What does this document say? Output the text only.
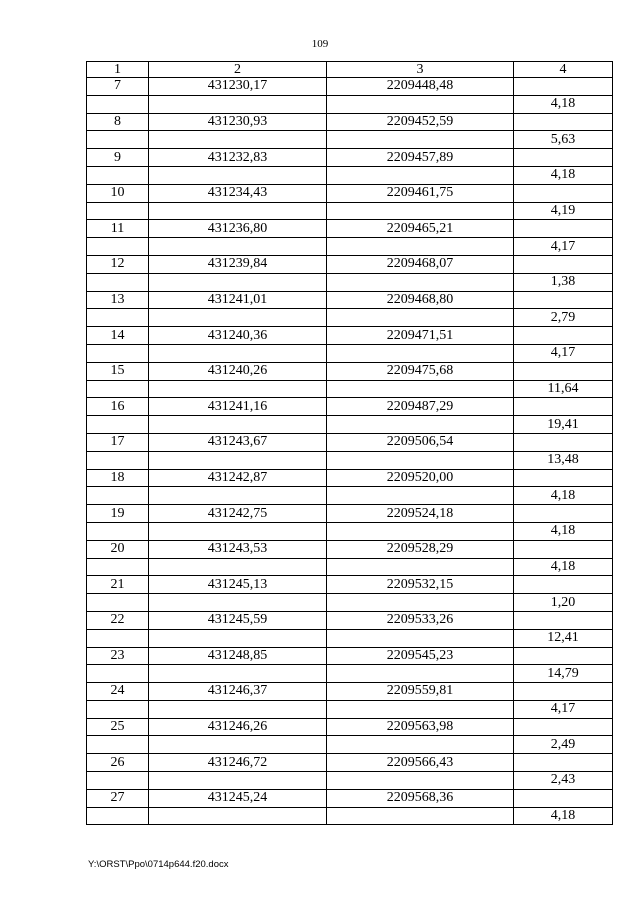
109
1	2	3	4
7	431230,17	2209448,48	
			4,18
8	431230,93	2209452,59	
			5,63
9	431232,83	2209457,89	
			4,18
10	431234,43	2209461,75	
			4,19
11	431236,80	2209465,21	
			4,17
12	431239,84	2209468,07	
			1,38
13	431241,01	2209468,80	
			2,79
14	431240,36	2209471,51	
			4,17
15	431240,26	2209475,68	
			11,64
16	431241,16	2209487,29	
			19,41
17	431243,67	2209506,54	
			13,48
18	431242,87	2209520,00	
			4,18
19	431242,75	2209524,18	
			4,18
20	431243,53	2209528,29	
			4,18
21	431245,13	2209532,15	
			1,20
22	431245,59	2209533,26	
			12,41
23	431248,85	2209545,23	
			14,79
24	431246,37	2209559,81	
			4,17
25	431246,26	2209563,98	
			2,49
26	431246,72	2209566,43	
			2,43
27	431245,24	2209568,36	
			4,18
Y:\ORST\Ppo\0714p644.f20.docx
